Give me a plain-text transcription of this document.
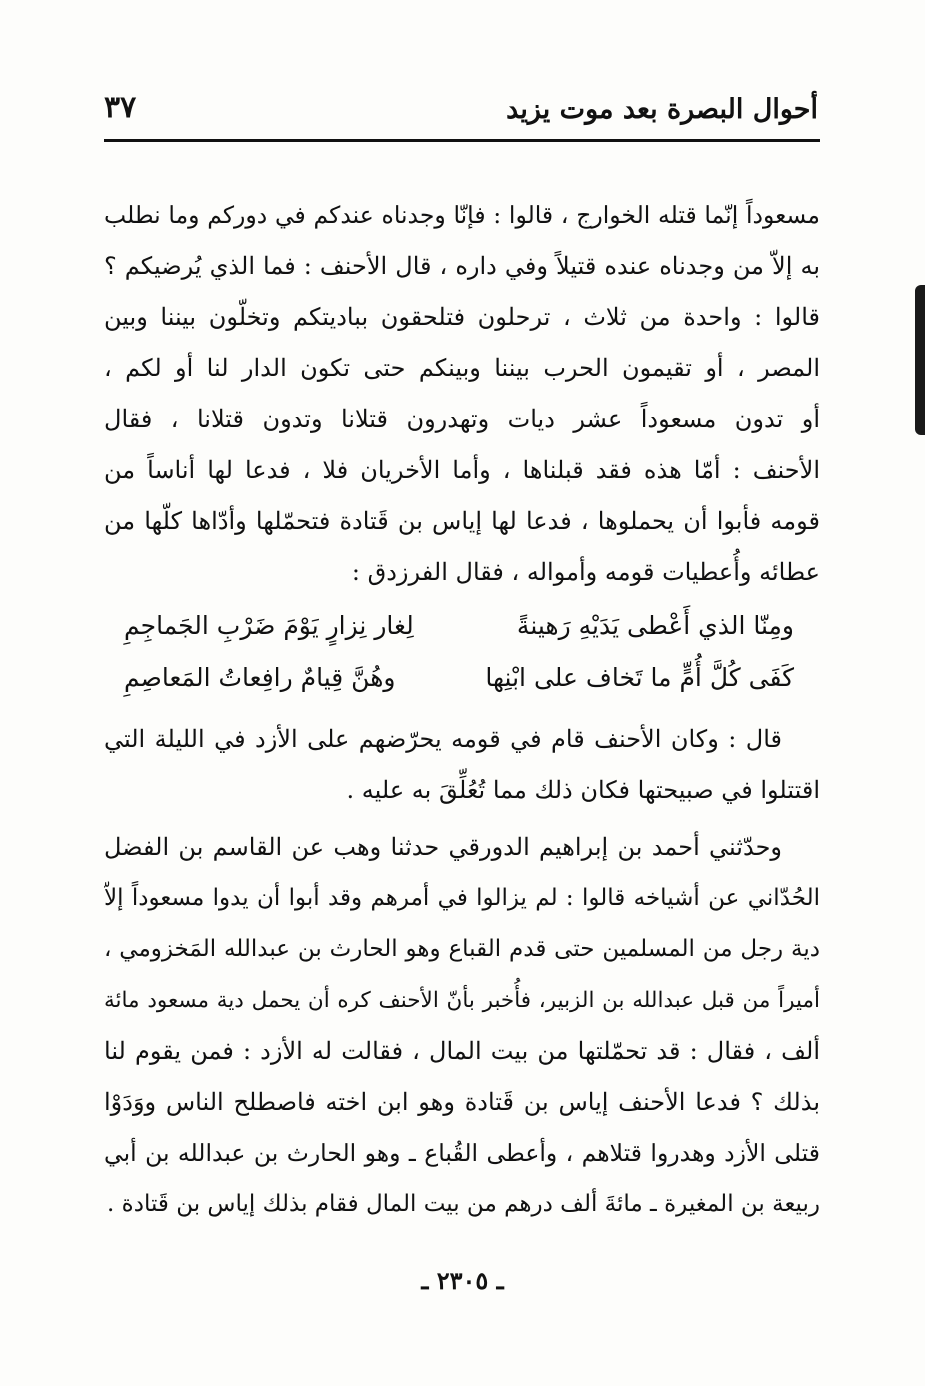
أحوال البصرة بعد موت يزيد
٣٧
مسعوداً إنّما قتله الخوارج ، قالوا : فإنّا وجدناه عندكم في دوركم وما نطلب
به إلاّ من وجدناه عنده قتيلاً وفي داره ، قال الأحنف : فما الذي يُرضيكم ؟
قالوا : واحدة من ثلاث ، ترحلون فتلحقون بباديتكم وتخلّون بيننا وبين
المصر ، أو تقيمون الحرب بيننا وبينكم حتى تكون الدار لنا أو لكم ،
أو تدون مسعوداً عشر ديات وتهدرون قتلانا وتدون قتلانا ، فقال
الأحنف : أمّا هذه فقد قبلناها ، وأما الأخريان فلا ، فدعا لها أناساً من
قومه فأبوا أن يحملوها ، فدعا لها إياس بن قَتادة فتحمّلها وأدّاها كلّها من
عطائه وأُعطيات قومه وأمواله ، فقال الفرزدق :
ومِنّا الذي أَعْطى يَدَيْهِ رَهينةً
لِغار نِزارٍ يَوْمَ ضَرْبِ الجَماجِمِ
كَفَى كُلَّ أُمٍّ ما تَخاف على ابْنِها
وهُنَّ قِيامٌ رافِعاتُ المَعاصِمِ
قال : وكان الأحنف قام في قومه يحرّضهم على الأزد في الليلة التي
اقتتلوا في صبيحتها فكان ذلك مما تُعُلِّقَ به عليه .
وحدّثني أحمد بن إبراهيم الدورقي حدثنا وهب عن القاسم بن الفضل
الحُدّاني عن أشياخه قالوا : لم يزالوا في أمرهم وقد أبوا أن يدوا مسعوداً إلاّ
دية رجل من المسلمين حتى قدم القباع وهو الحارث بن عبدالله المَخزومي ،
أميراً من قبل عبدالله بن الزبير، فأُخبر بأنّ الأحنف كره أن يحمل دية مسعود مائة
ألف ، فقال : قد تحمّلتها من بيت المال ، فقالت له الأزد : فمن يقوم لنا
بذلك ؟ فدعا الأحنف إياس بن قَتادة وهو ابن اخته فاصطلح الناس ووَدَوْا
قتلى الأزد وهدروا قتلاهم ، وأعطى القُباع ـ وهو الحارث بن عبدالله بن أبي
ربيعة بن المغيرة ـ مائةَ ألف درهم من بيت المال فقام بذلك إياس بن قَتادة .
ـ ٢٣٠٥ ـ
